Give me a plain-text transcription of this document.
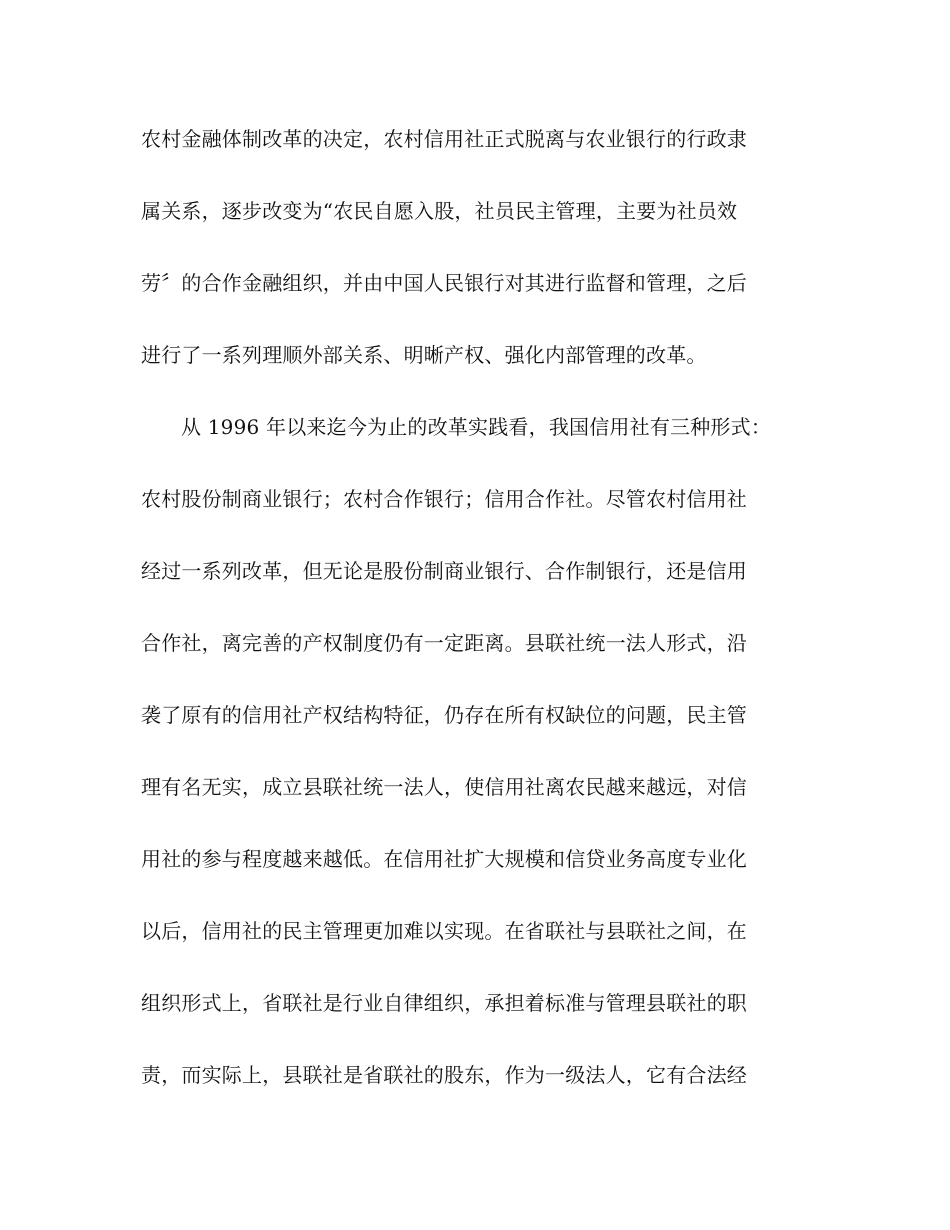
农村金融体制改革的决定，农村信用社正式脱离与农业银行的行政隶
属关系，逐步改变为“农民自愿入股，社员民主管理，主要为社员效
劳〞的合作金融组织，并由中国人民银行对其进行监督和管理，之后
进行了一系列理顺外部关系、明晰产权、强化内部管理的改革。
从 1996 年以来迄今为止的改革实践看，我国信用社有三种形式：
农村股份制商业银行；农村合作银行；信用合作社。尽管农村信用社
经过一系列改革，但无论是股份制商业银行、合作制银行，还是信用
合作社，离完善的产权制度仍有一定距离。县联社统一法人形式，沿
袭了原有的信用社产权结构特征，仍存在所有权缺位的问题，民主管
理有名无实，成立县联社统一法人，使信用社离农民越来越远，对信
用社的参与程度越来越低。在信用社扩大规模和信贷业务高度专业化
以后，信用社的民主管理更加难以实现。在省联社与县联社之间，在
组织形式上，省联社是行业自律组织，承担着标准与管理县联社的职
责，而实际上，县联社是省联社的股东，作为一级法人，它有合法经
